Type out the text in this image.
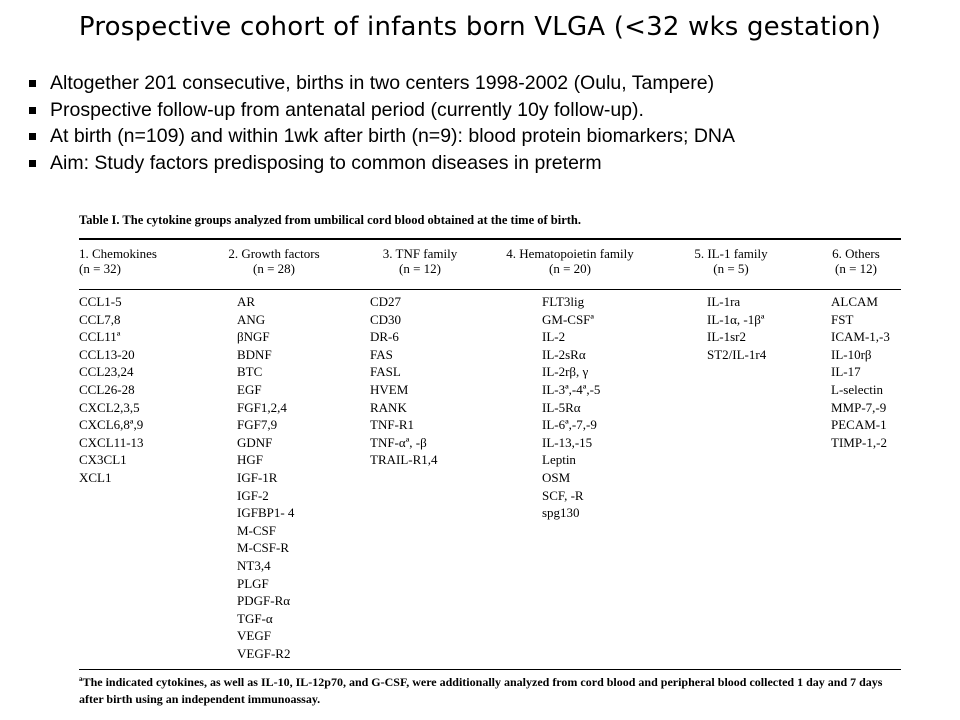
Prospective cohort of infants born VLGA (<32 wks gestation)
Altogether 201 consecutive, births in two centers 1998-2002 (Oulu, Tampere)
Prospective follow-up from antenatal period (currently 10y follow-up).
At birth (n=109) and within 1wk after birth (n=9): blood protein biomarkers; DNA
Aim: Study factors predisposing to common diseases in preterm
Table I. The cytokine groups analyzed from umbilical cord blood obtained at the time of birth.
1. Chemokines
(n = 32)
CCL1-5
CCL7,8
CCL11ª
CCL13-20
CCL23,24
CCL26-28
CXCL2,3,5
CXCL6,8ª,9
CXCL11-13
CX3CL1
XCL1
2. Growth factors
(n = 28)
AR
ANG
βNGF
BDNF
BTC
EGF
FGF1,2,4
FGF7,9
GDNF
HGF
IGF-1R
IGF-2
IGFBP1- 4
M-CSF
M-CSF-R
NT3,4
PLGF
PDGF-Rα
TGF-α
VEGF
VEGF-R2
3. TNF family
(n = 12)
CD27
CD30
DR-6
FAS
FASL
HVEM
RANK
TNF-R1
TNF-αª, -β
TRAIL-R1,4
4. Hematopoietin family
(n = 20)
FLT3lig
GM-CSFª
IL-2
IL-2sRα
IL-2rβ, γ
IL-3ª,-4ª,-5
IL-5Rα
IL-6ª,-7,-9
IL-13,-15
Leptin
OSM
SCF, -R
spg130
5. IL-1 family
(n = 5)
IL-1ra
IL-1α, -1βª
IL-1sr2
ST2/IL-1r4
6. Others
(n = 12)
ALCAM
FST
ICAM-1,-3
IL-10rβ
IL-17
L-selectin
MMP-7,-9
PECAM-1
TIMP-1,-2
ªThe indicated cytokines, as well as IL-10, IL-12p70, and G-CSF, were additionally analyzed from cord blood and peripheral blood collected 1 day and 7 days after birth using an independent immunoassay.
